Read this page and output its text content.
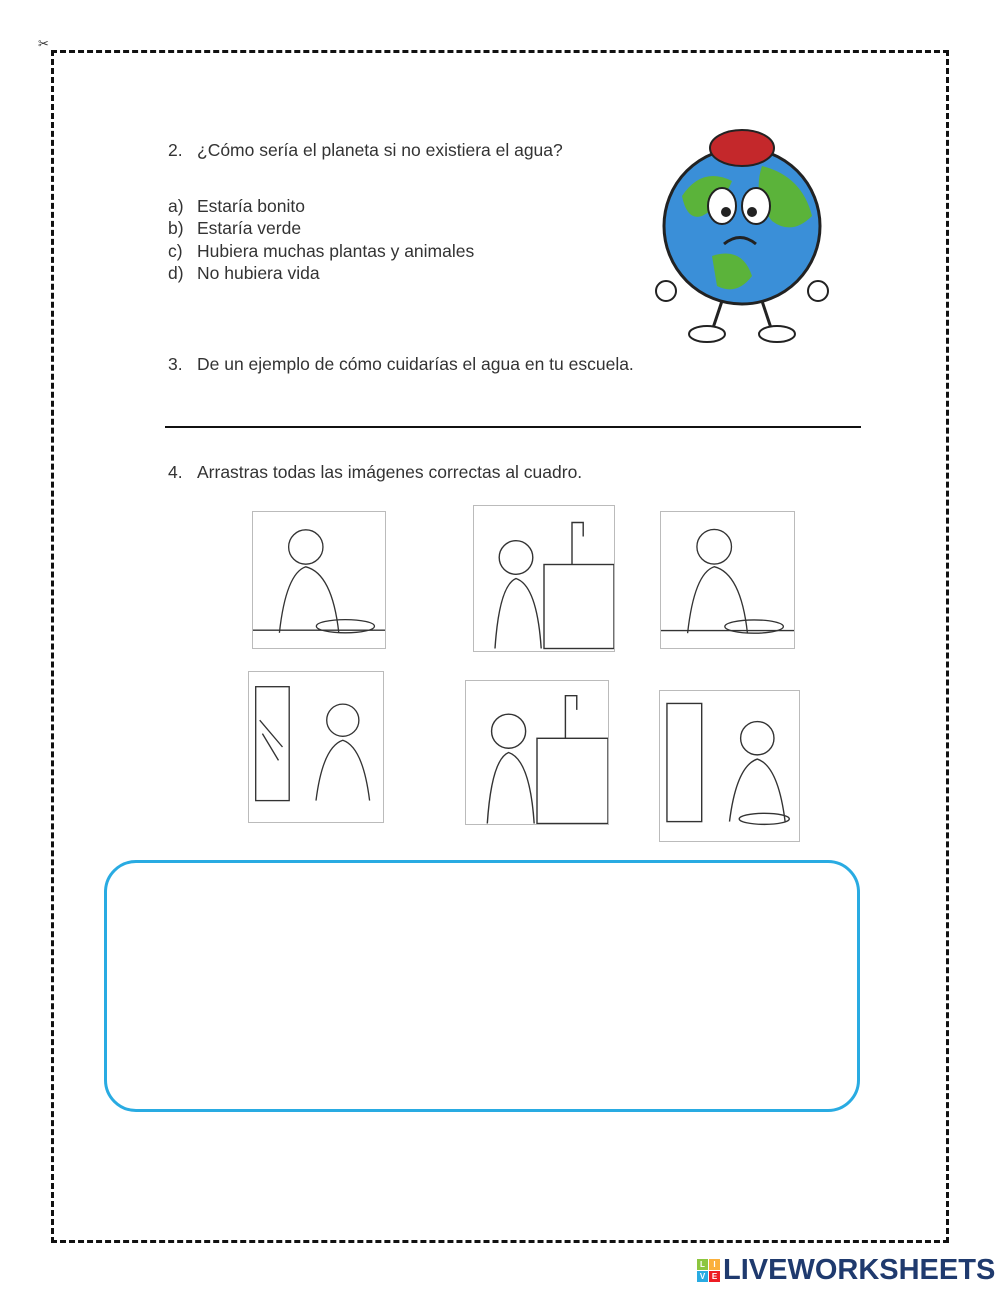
✂
2. ¿Cómo sería el planeta si no existiera el agua?
a) Estaría bonito
b) Estaría verde
c) Hubiera muchas plantas y animales
d) No hubiera vida
3. De un ejemplo de cómo cuidarías el agua en tu escuela.
4. Arrastras todas las imágenes correctas al cuadro.
L	I
V E LIVEWORKSHEETS
